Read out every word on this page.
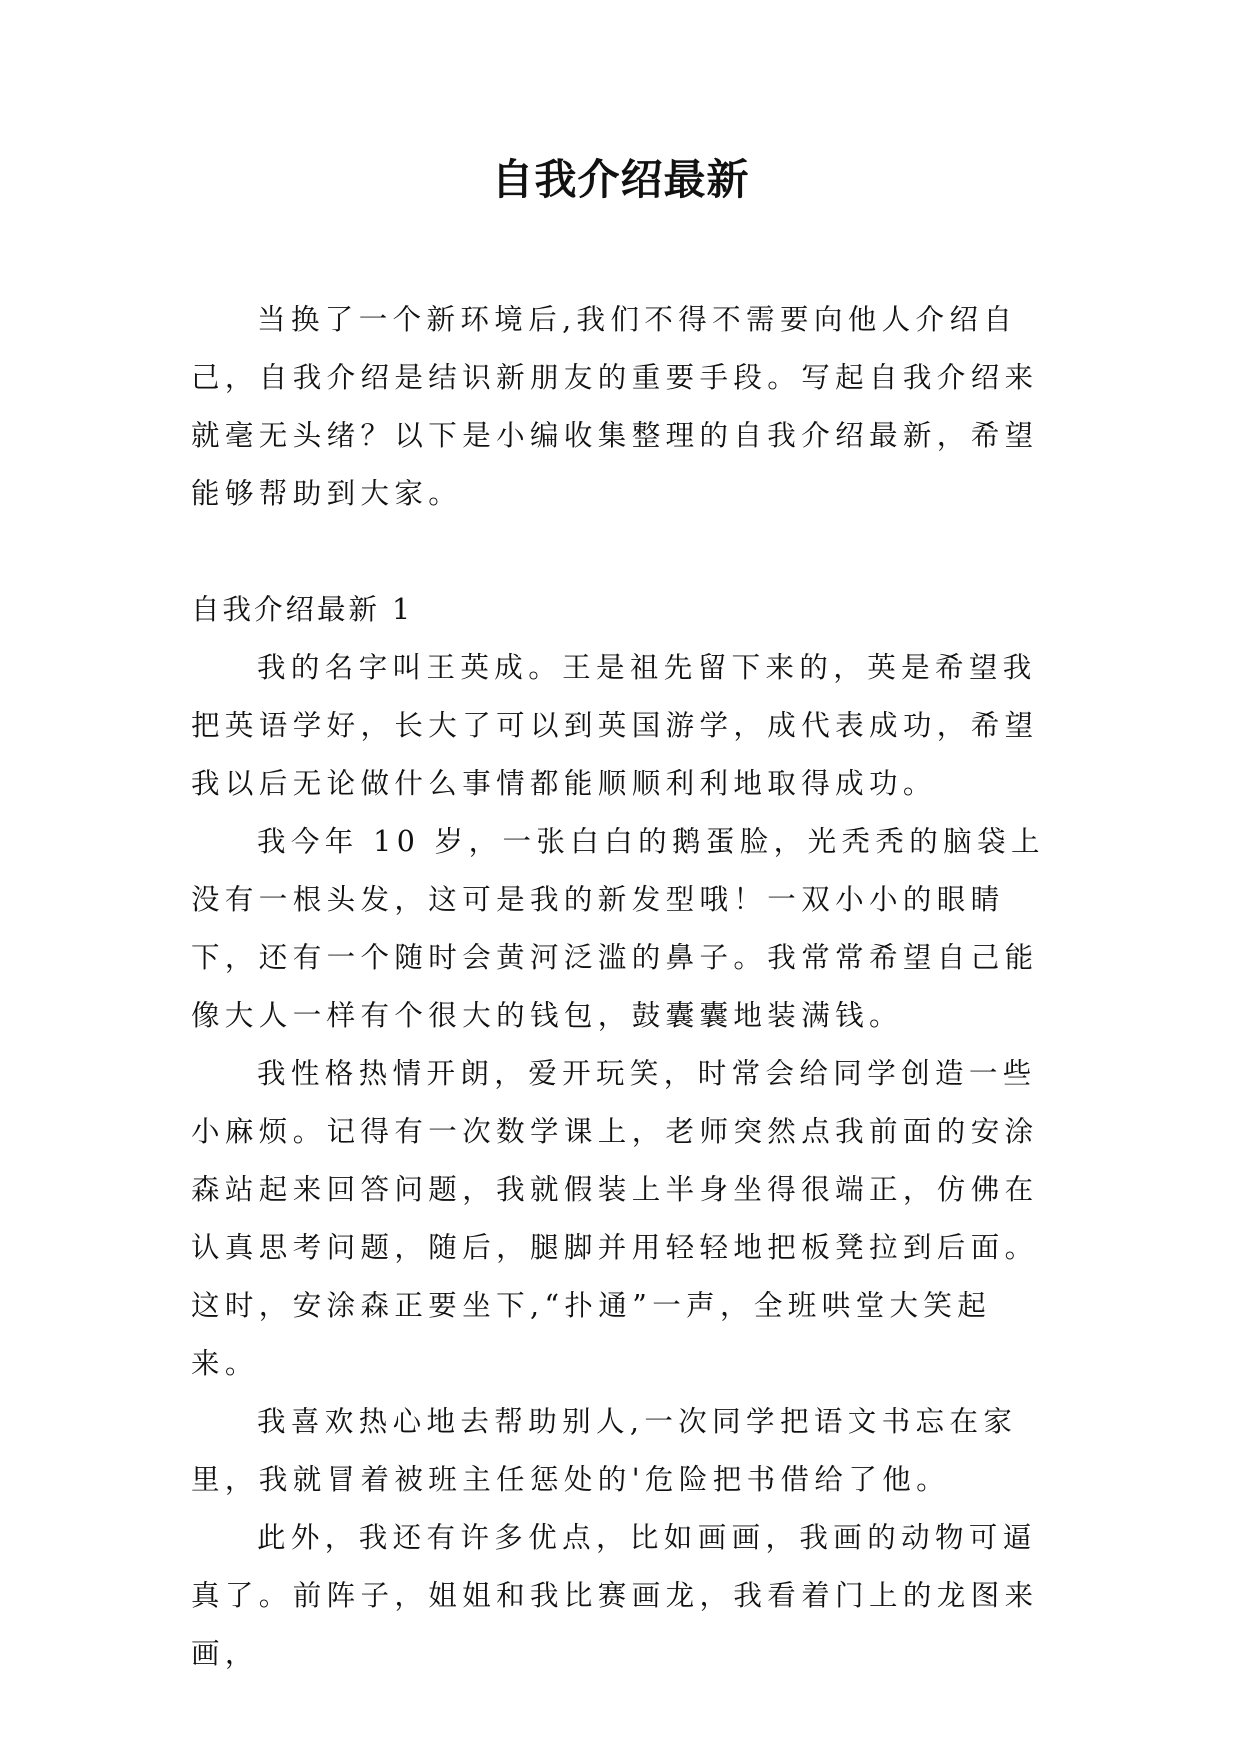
自我介绍最新

当换了一个新环境后,我们不得不需要向他人介绍自己，自我介绍是结识新朋友的重要手段。写起自我介绍来就毫无头绪？以下是小编收集整理的自我介绍最新，希望能够帮助到大家。

自我介绍最新 1

我的名字叫王英成。王是祖先留下来的，英是希望我把英语学好，长大了可以到英国游学，成代表成功，希望我以后无论做什么事情都能顺顺利利地取得成功。

我今年 10 岁，一张白白的鹅蛋脸，光秃秃的脑袋上没有一根头发，这可是我的新发型哦！一双小小的眼睛下，还有一个随时会黄河泛滥的鼻子。我常常希望自己能像大人一样有个很大的钱包，鼓囊囊地装满钱。

我性格热情开朗，爱开玩笑，时常会给同学创造一些小麻烦。记得有一次数学课上，老师突然点我前面的安涂森站起来回答问题，我就假装上半身坐得很端正，仿佛在认真思考问题，随后，腿脚并用轻轻地把板凳拉到后面。这时，安涂森正要坐下,“扑通”一声，全班哄堂大笑起来。

我喜欢热心地去帮助别人,一次同学把语文书忘在家里，我就冒着被班主任惩处的'危险把书借给了他。

此外，我还有许多优点，比如画画，我画的动物可逼真了。前阵子，姐姐和我比赛画龙，我看着门上的龙图来画，
